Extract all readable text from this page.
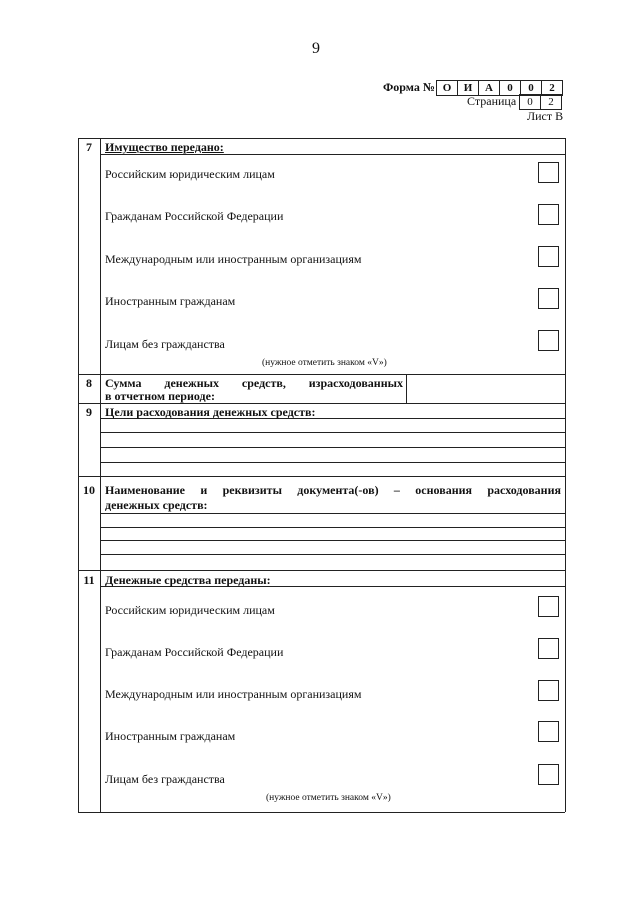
9
Форма № О	И	А	0	0	2
Страница	0	2
Лист В
7	Имущество передано:
Российским юридическим лицам
Гражданам Российской Федерации
Международным или иностранным организациям
Иностранным гражданам
Лицам без гражданства
(нужное отметить знаком «V»)
8	Сумма денежных средств, израсходованных
в отчетном периоде:
9	Цели расходования денежных средств:
10 Наименование и реквизиты документа(-ов) – основания расходования
денежных средств:
11 Денежные средства переданы:
Российским юридическим лицам
Гражданам Российской Федерации
Международным или иностранным организациям
Иностранным гражданам
Лицам без гражданства
(нужное отметить знаком «V»)
